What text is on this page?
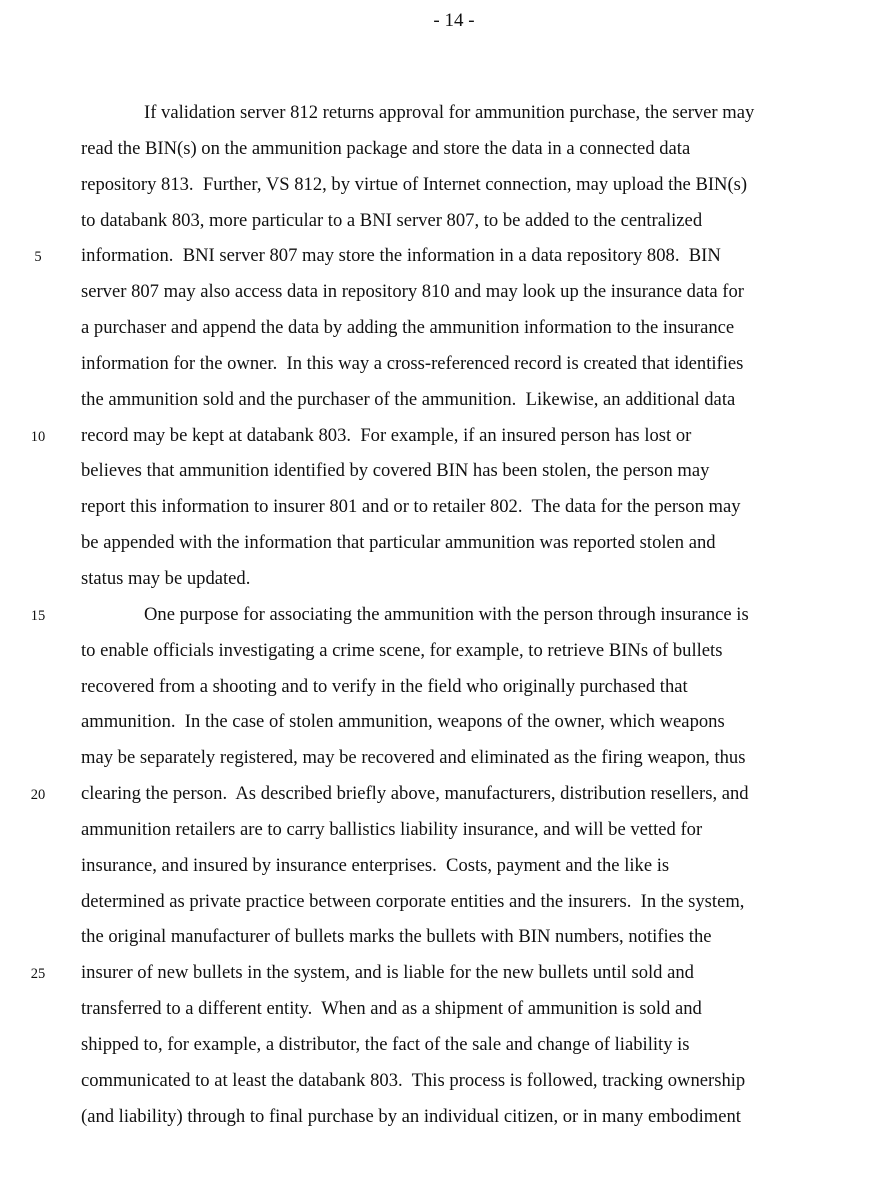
- 14 -
If validation server 812 returns approval for ammunition purchase, the server may
read the BIN(s) on the ammunition package and store the data in a connected data
repository 813.  Further, VS 812, by virtue of Internet connection, may upload the BIN(s)
to databank 803, more particular to a BNI server 807, to be added to the centralized
5	information.  BNI server 807 may store the information in a data repository 808.  BIN
server 807 may also access data in repository 810 and may look up the insurance data for
a purchaser and append the data by adding the ammunition information to the insurance
information for the owner.  In this way a cross-referenced record is created that identifies
the ammunition sold and the purchaser of the ammunition.  Likewise, an additional data
10	record may be kept at databank 803.  For example, if an insured person has lost or
believes that ammunition identified by covered BIN has been stolen, the person may
report this information to insurer 801 and or to retailer 802.  The data for the person may
be appended with the information that particular ammunition was reported stolen and
status may be updated.
15	One purpose for associating the ammunition with the person through insurance is
to enable officials investigating a crime scene, for example, to retrieve BINs of bullets
recovered from a shooting and to verify in the field who originally purchased that
ammunition.  In the case of stolen ammunition, weapons of the owner, which weapons
may be separately registered, may be recovered and eliminated as the firing weapon, thus
20	clearing the person.  As described briefly above, manufacturers, distribution resellers, and
ammunition retailers are to carry ballistics liability insurance, and will be vetted for
insurance, and insured by insurance enterprises.  Costs, payment and the like is
determined as private practice between corporate entities and the insurers.  In the system,
the original manufacturer of bullets marks the bullets with BIN numbers, notifies the
25	insurer of new bullets in the system, and is liable for the new bullets until sold and
transferred to a different entity.  When and as a shipment of ammunition is sold and
shipped to, for example, a distributor, the fact of the sale and change of liability is
communicated to at least the databank 803.  This process is followed, tracking ownership
(and liability) through to final purchase by an individual citizen, or in many embodiment
